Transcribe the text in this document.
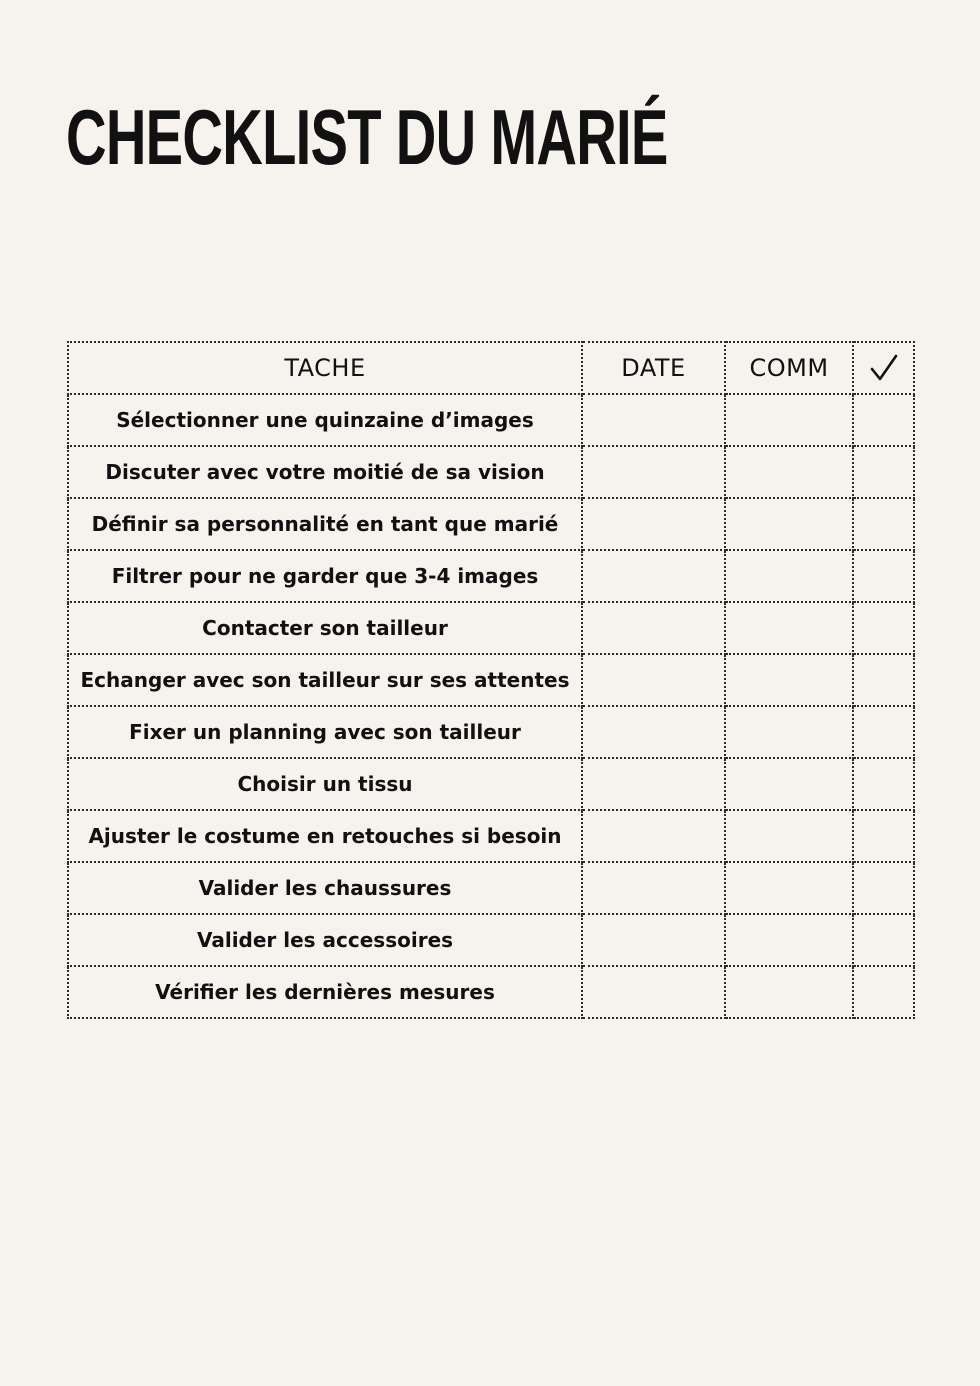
CHECKLIST DU MARIÉ
TACHE	DATE	COMM	
Sélectionner une quinzaine d’images			
Discuter avec votre moitié de sa vision			
Définir sa personnalité en tant que marié			
Filtrer pour ne garder que 3-4 images			
Contacter son tailleur			
Echanger avec son tailleur sur ses attentes			
Fixer un planning avec son tailleur			
Choisir un tissu			
Ajuster le costume en retouches si besoin			
Valider les chaussures			
Valider les accessoires			
Vérifier les dernières mesures			
